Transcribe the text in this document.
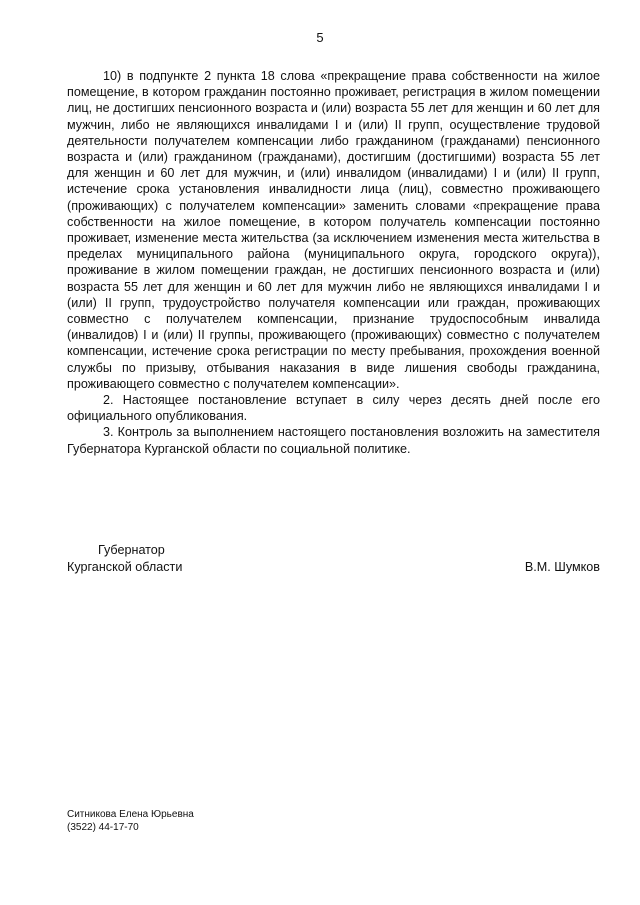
5

10) в подпункте 2 пункта 18 слова «прекращение права собственности на жилое помещение, в котором гражданин постоянно проживает, регистрация в жилом помещении лиц, не достигших пенсионного возраста и (или) возраста 55 лет для женщин и 60 лет для мужчин, либо не являющихся инвалидами I и (или) II групп, осуществление трудовой деятельности получателем компенсации либо гражданином (гражданами) пенсионного возраста и (или) гражданином (гражданами), достигшим (достигшими) возраста 55 лет для женщин и 60 лет для мужчин, и (или) инвалидом (инвалидами) I и (или) II групп, истечение срока установления инвалидности лица (лиц), совместно проживающего (проживающих) с получателем компенсации» заменить словами «прекращение права собственности на жилое помещение, в котором получатель компенсации постоянно проживает, изменение места жительства (за исключением изменения места жительства в пределах муниципального района (муниципального округа, городского округа)), проживание в жилом помещении граждан, не достигших пенсионного возраста и (или) возраста 55 лет для женщин и 60 лет для мужчин либо не являющихся инвалидами I и (или) II групп, трудоустройство получателя компенсации или граждан, проживающих совместно с получателем компенсации, признание трудоспособным инвалида (инвалидов) I и (или) II группы, проживающего (проживающих) совместно с получателем компенсации, истечение срока регистрации по месту пребывания, прохождения военной службы по призыву, отбывания наказания в виде лишения свободы гражданина, проживающего совместно с получателем компенсации».

2. Настоящее постановление вступает в силу через десять дней после его официального опубликования.

3. Контроль за выполнением настоящего постановления возложить на заместителя Губернатора Курганской области по социальной политике.

Губернатор
Курганской области	В.М. Шумков
Ситникова Елена Юрьевна
(3522) 44-17-70
